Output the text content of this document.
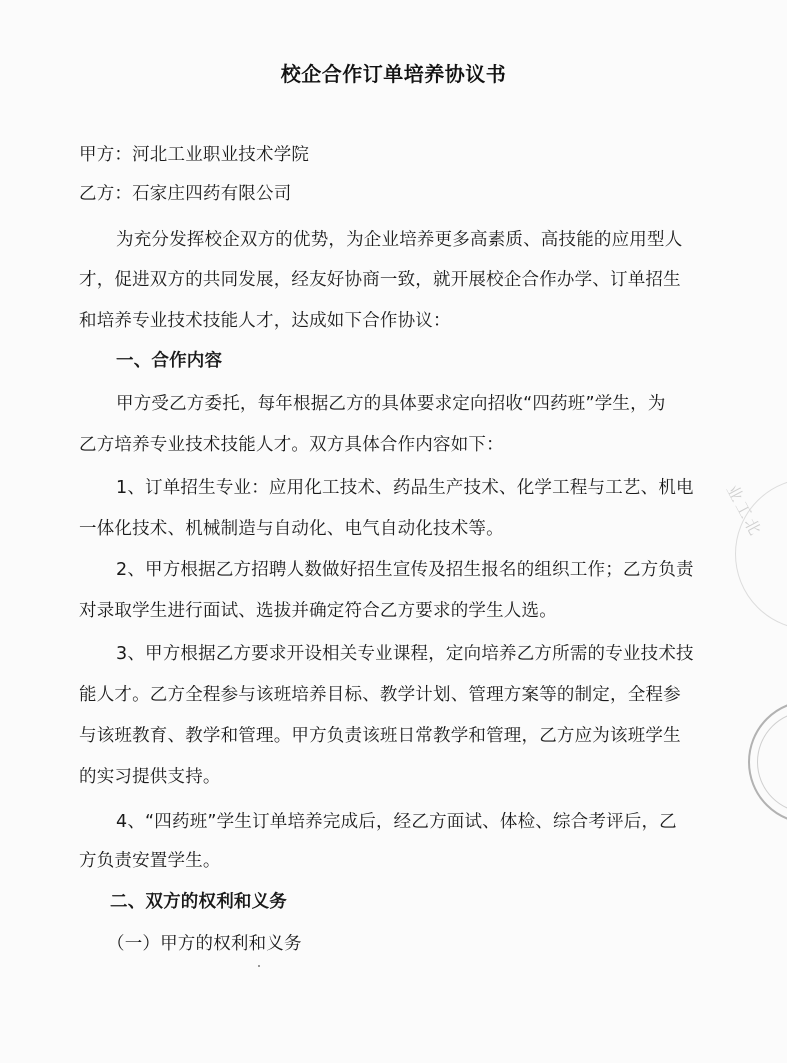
业工北
校企合作订单培养协议书
甲方：河北工业职业技术学院
乙方：石家庄四药有限公司
为充分发挥校企双方的优势，为企业培养更多高素质、高技能的应用型人
才，促进双方的共同发展，经友好协商一致，就开展校企合作办学、订单招生
和培养专业技术技能人才，达成如下合作协议：
一、合作内容
甲方受乙方委托，每年根据乙方的具体要求定向招收“四药班”学生，为
乙方培养专业技术技能人才。双方具体合作内容如下：
1、订单招生专业：应用化工技术、药品生产技术、化学工程与工艺、机电
一体化技术、机械制造与自动化、电气自动化技术等。
2、甲方根据乙方招聘人数做好招生宣传及招生报名的组织工作；乙方负责
对录取学生进行面试、选拔并确定符合乙方要求的学生人选。
3、甲方根据乙方要求开设相关专业课程，定向培养乙方所需的专业技术技
能人才。乙方全程参与该班培养目标、教学计划、管理方案等的制定，全程参
与该班教育、教学和管理。甲方负责该班日常教学和管理，乙方应为该班学生
的实习提供支持。
4、“四药班”学生订单培养完成后，经乙方面试、体检、综合考评后，乙
方负责安置学生。
二、双方的权利和义务
（一）甲方的权利和义务
